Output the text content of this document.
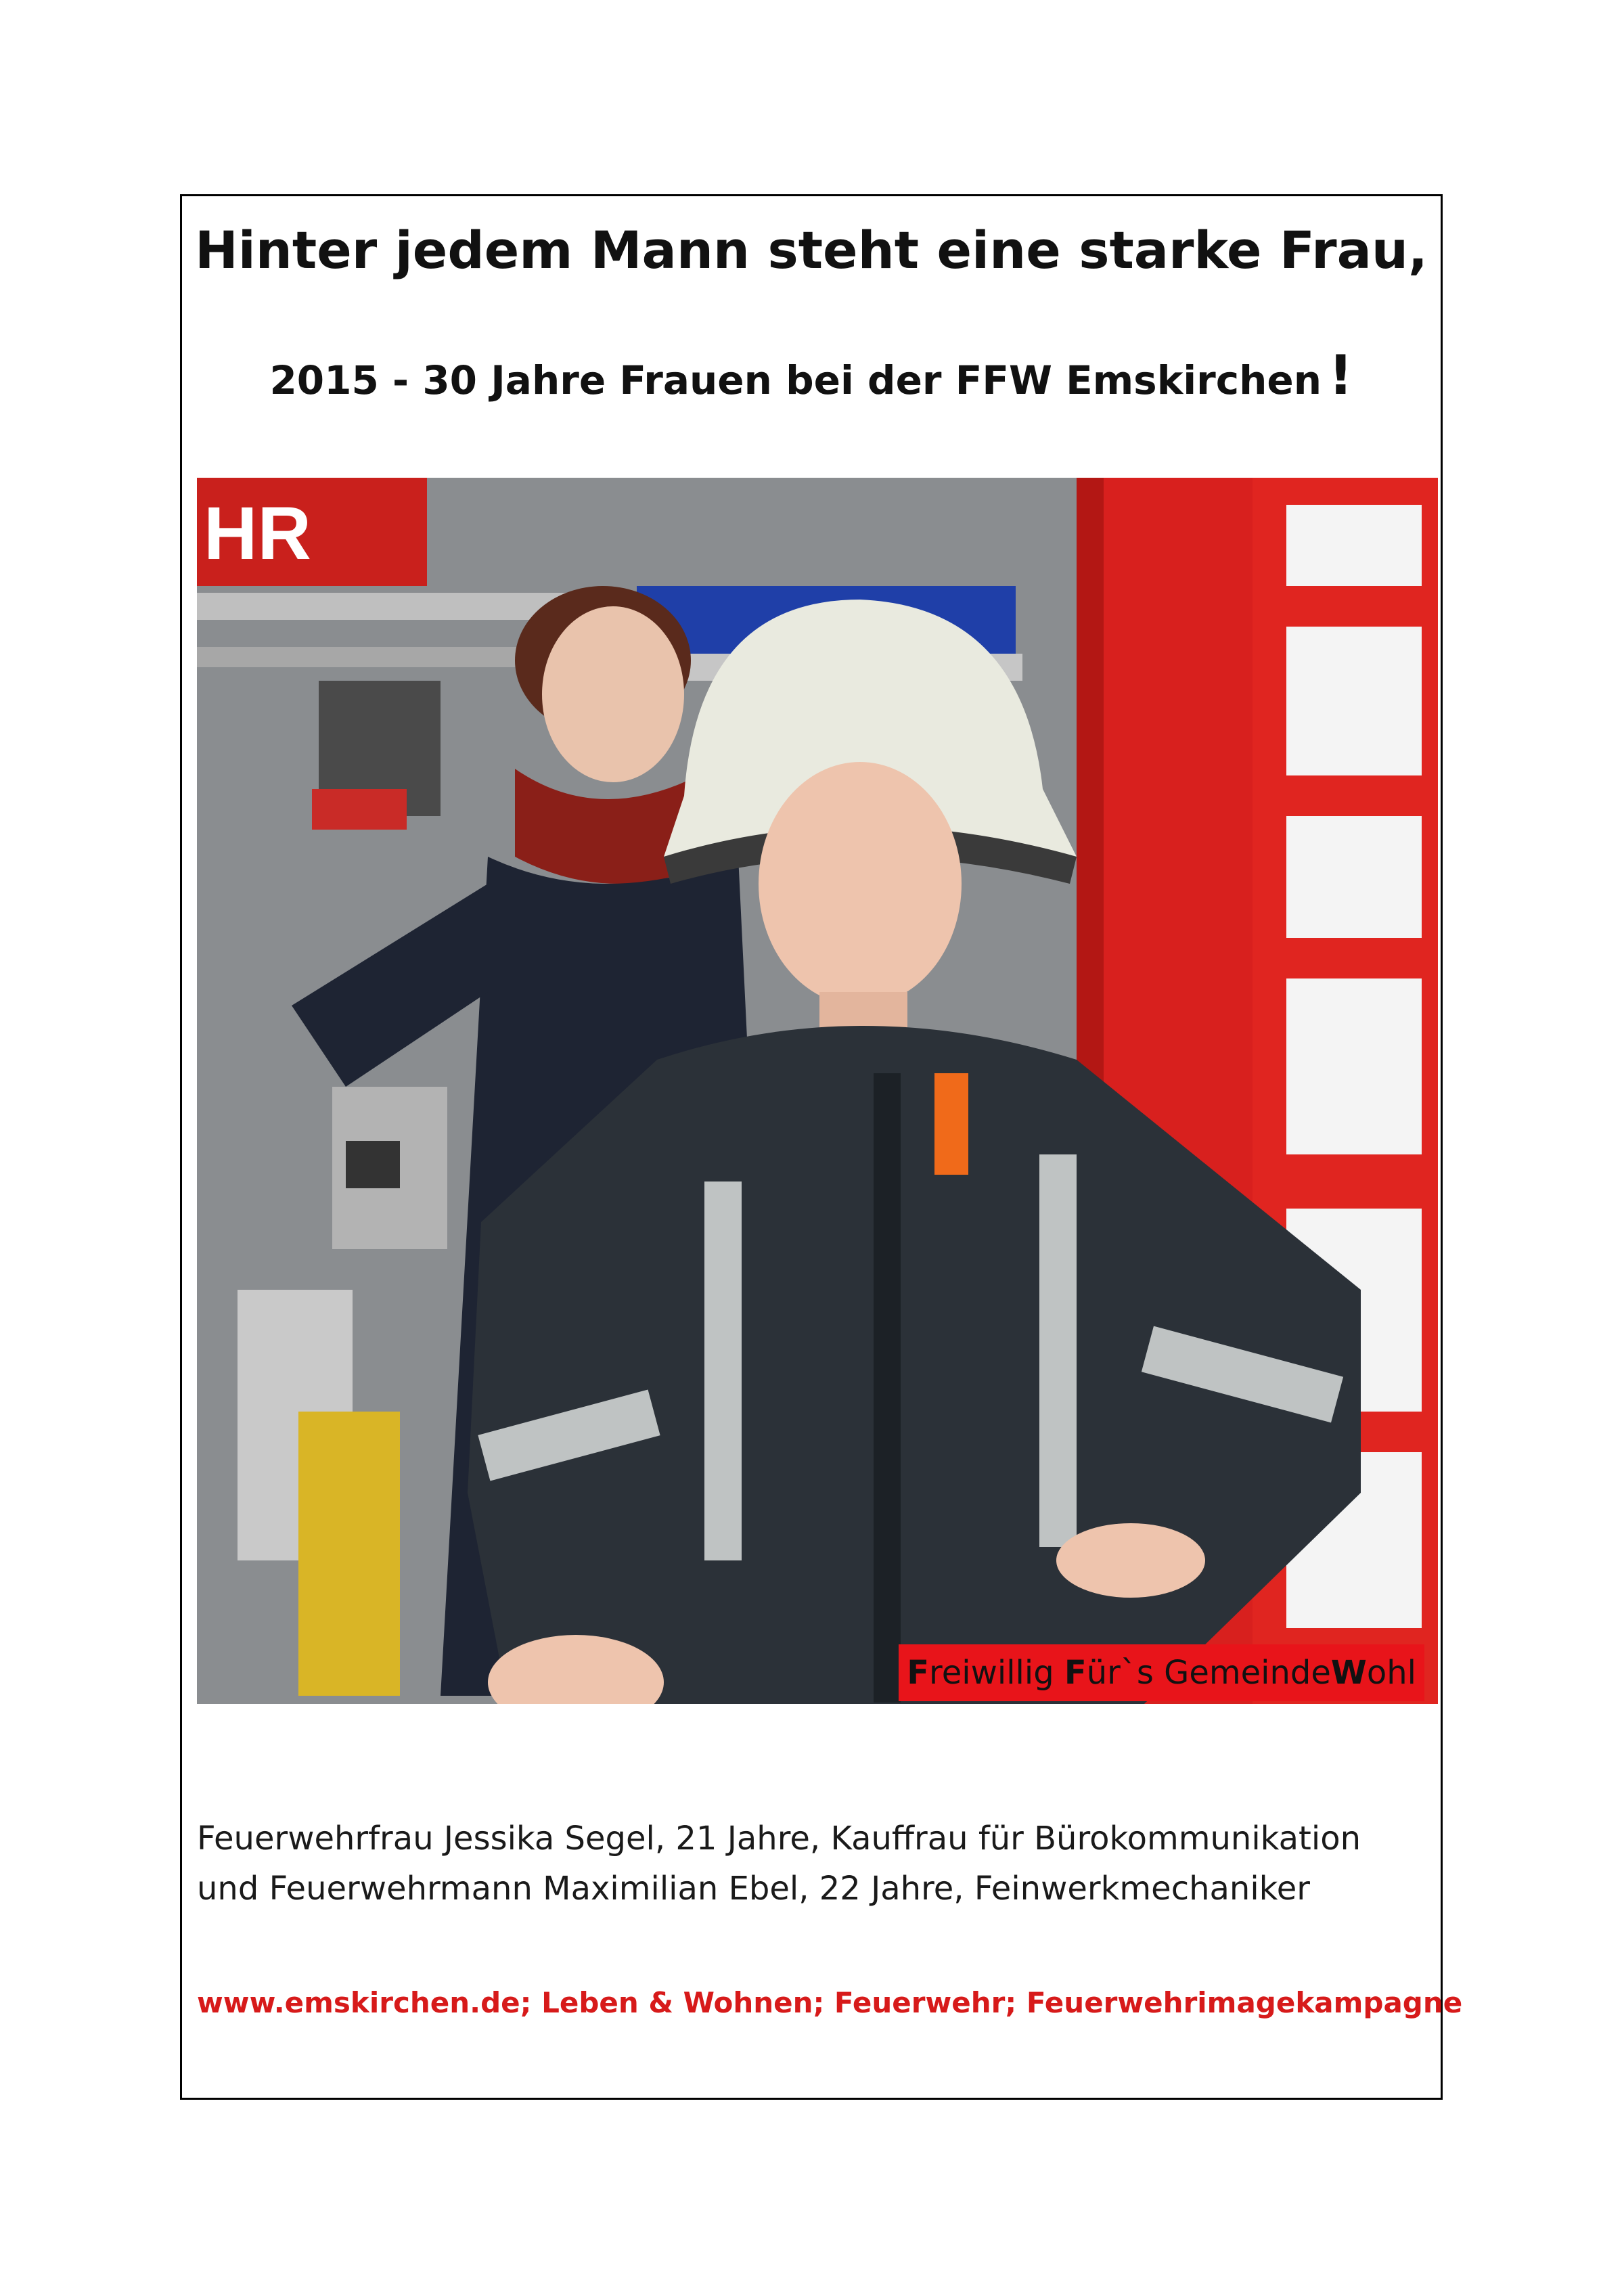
Hinter jedem Mann steht eine starke Frau,
2015 - 30 Jahre Frauen bei der FFW Emskirchen !
HR
Freiwillig Für`s GemeindeWohl
Feuerwehrfrau Jessika Segel, 21 Jahre, Kauffrau für Bürokommunikation
und Feuerwehrmann Maximilian Ebel, 22 Jahre, Feinwerkmechaniker
www.emskirchen.de; Leben & Wohnen; Feuerwehr; Feuerwehrimagekampagne
